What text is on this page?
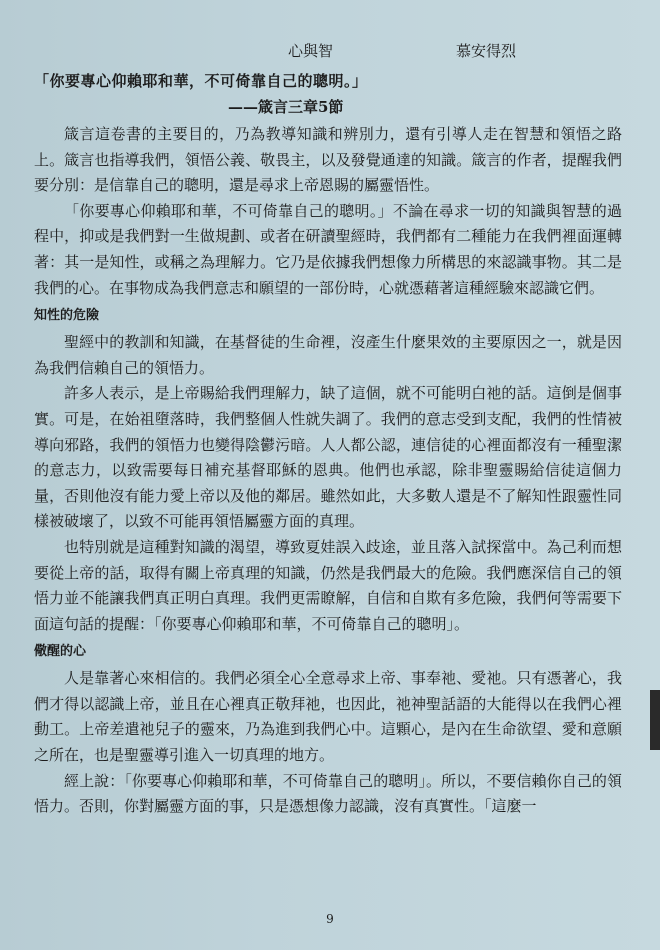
心與智	慕安得烈
「你要專心仰賴耶和華，不可倚靠自己的聰明。」
——箴言三章5節

箴言這卷書的主要目的，乃為教導知識和辨別力，還有引導人走在智慧和領悟之路上。箴言也指導我們，領悟公義、敬畏主，以及發覺通達的知識。箴言的作者，提醒我們要分別：是信靠自己的聰明，還是尋求上帝恩賜的屬靈悟性。

「你要專心仰賴耶和華，不可倚靠自己的聰明。」不論在尋求一切的知識與智慧的過程中，抑或是我們對一生做規劃、或者在研讀聖經時，我們都有二種能力在我們裡面運轉著：其一是知性，或稱之為理解力。它乃是依據我們想像力所構思的來認識事物。其二是我們的心。在事物成為我們意志和願望的一部份時，心就憑藉著這種經驗來認識它們。

知性的危險

聖經中的教訓和知識，在基督徒的生命裡，沒產生什麼果效的主要原因之一，就是因為我們信賴自己的領悟力。

許多人表示，是上帝賜給我們理解力，缺了這個，就不可能明白祂的話。這倒是個事實。可是，在始祖墮落時，我們整個人性就失調了。我們的意志受到支配，我們的性情被導向邪路，我們的領悟力也變得陰鬱污暗。人人都公認，連信徒的心裡面都沒有一種聖潔的意志力，以致需要每日補充基督耶穌的恩典。他們也承認，除非聖靈賜給信徒這個力量，否則他沒有能力愛上帝以及他的鄰居。雖然如此，大多數人還是不了解知性跟靈性同樣被破壞了，以致不可能再領悟屬靈方面的真理。

也特別就是這種對知識的渴望，導致夏娃誤入歧途，並且落入試探當中。為己利而想要從上帝的話，取得有關上帝真理的知識，仍然是我們最大的危險。我們應深信自己的領悟力並不能讓我們真正明白真理。我們更需瞭解，自信和自欺有多危險，我們何等需要下面這句話的提醒：「你要專心仰賴耶和華，不可倚靠自己的聰明」。

儆醒的心

人是靠著心來相信的。我們必須全心全意尋求上帝、事奉祂、愛祂。只有憑著心，我們才得以認識上帝，並且在心裡真正敬拜祂，也因此，祂神聖話語的大能得以在我們心裡動工。上帝差遣祂兒子的靈來，乃為進到我們心中。這顆心，是內在生命欲望、愛和意願之所在，也是聖靈導引進入一切真理的地方。

經上說：「你要專心仰賴耶和華，不可倚靠自己的聰明」。所以，不要信賴你自己的領悟力。否則，你對屬靈方面的事，只是憑想像力認識，沒有真實性。「這麼一

9
